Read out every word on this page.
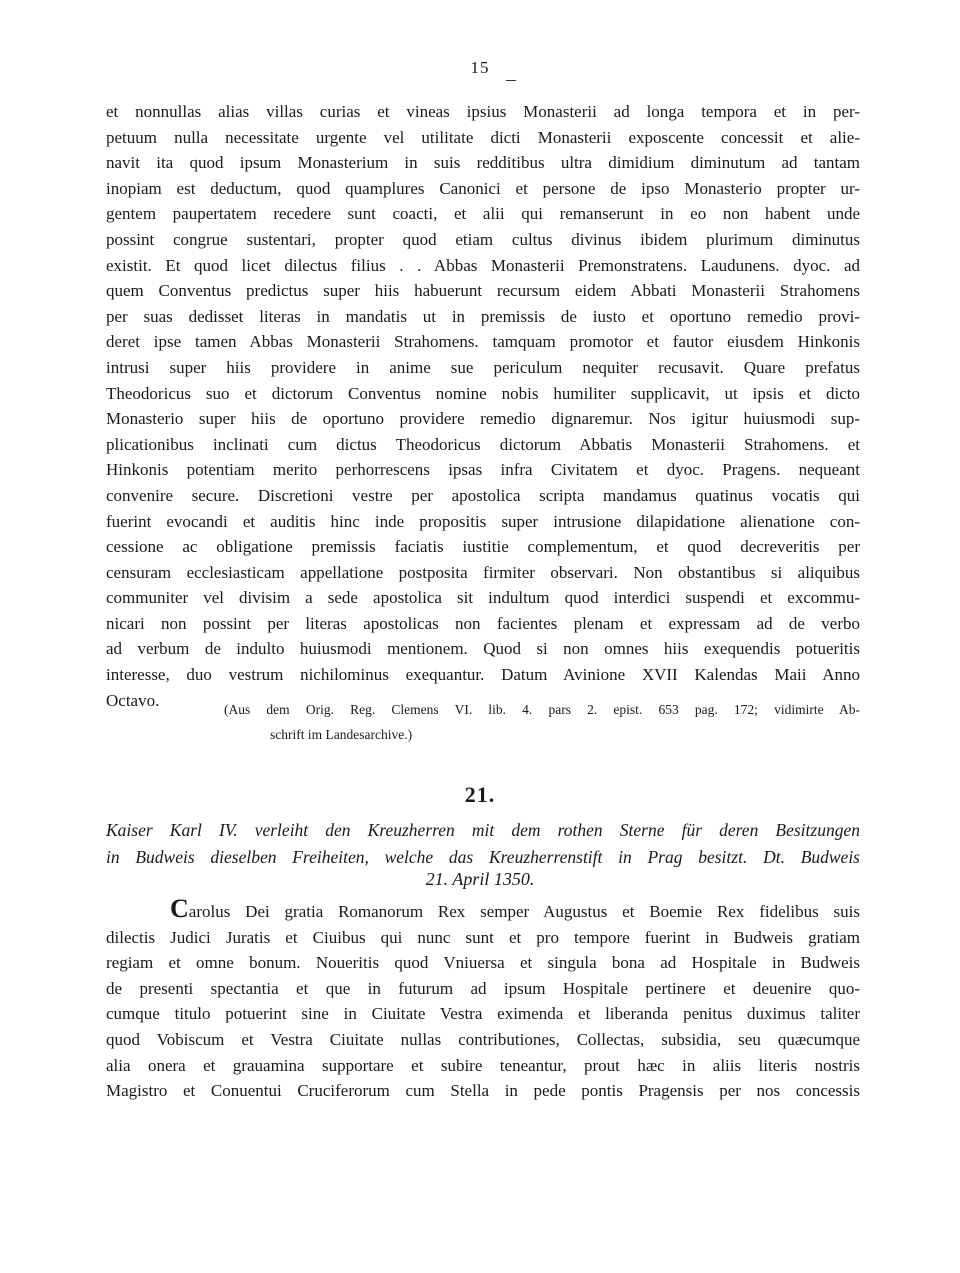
15
et nonnullas alias villas curias et vineas ipsius Monasterii ad longa tempora et in per-
petuum nulla necessitate urgente vel utilitate dicti Monasterii exposcente concessit et alie-
navit ita quod ipsum Monasterium in suis redditibus ultra dimidium diminutum ad tantam
inopiam est deductum, quod quamplures Canonici et persone de ipso Monasterio propter ur-
gentem paupertatem recedere sunt coacti, et alii qui remanserunt in eo non habent unde
possint congrue sustentari, propter quod etiam cultus divinus ibidem plurimum diminutus
existit. Et quod licet dilectus filius . . Abbas Monasterii Premonstratens. Laudunens. dyoc. ad
quem Conventus predictus super hiis habuerunt recursum eidem Abbati Monasterii Strahomens
per suas dedisset literas in mandatis ut in premissis de iusto et oportuno remedio provi-
deret ipse tamen Abbas Monasterii Strahomens. tamquam promotor et fautor eiusdem Hinkonis
intrusi super hiis providere in anime sue periculum nequiter recusavit. Quare prefatus
Theodoricus suo et dictorum Conventus nomine nobis humiliter supplicavit, ut ipsis et dicto
Monasterio super hiis de oportuno providere remedio dignaremur. Nos igitur huiusmodi sup-
plicationibus inclinati cum dictus Theodoricus dictorum Abbatis Monasterii Strahomens. et
Hinkonis potentiam merito perhorrescens ipsas infra Civitatem et dyoc. Pragens. nequeant
convenire secure. Discretioni vestre per apostolica scripta mandamus quatinus vocatis qui
fuerint evocandi et auditis hinc inde propositis super intrusione dilapidatione alienatione con-
cessione ac obligatione premissis faciatis iustitie complementum, et quod decreveritis per
censuram ecclesiasticam appellatione postposita firmiter observari. Non obstantibus si aliquibus
communiter vel divisim a sede apostolica sit indultum quod interdici suspendi et excommu-
nicari non possint per literas apostolicas non facientes plenam et expressam ad de verbo
ad verbum de indulto huiusmodi mentionem. Quod si non omnes hiis exequendis potueritis
interesse, duo vestrum nichilominus exequantur. Datum Avinione XVII Kalendas Maii Anno
Octavo.	(Aus dem Orig. Reg. Clemens VI. lib. 4. pars 2. epist. 653 pag. 172; vidimirte Ab-
schrift im Landesarchive.)
21.
Kaiser Karl IV. verleiht den Kreuzherren mit dem rothen Sterne für deren Besitzungen
in Budweis dieselben Freiheiten, welche das Kreuzherrenstift in Prag besitzt. Dt. Budweis
21. April 1350.
Carolus Dei gratia Romanorum Rex semper Augustus et Boemie Rex fidelibus suis
dilectis Judici Juratis et Ciuibus qui nunc sunt et pro tempore fuerint in Budweis gratiam
regiam et omne bonum. Noueritis quod Vniuersa et singula bona ad Hospitale in Budweis
de presenti spectantia et que in futurum ad ipsum Hospitale pertinere et deuenire quo-
cumque titulo potuerint sine in Ciuitate Vestra eximenda et liberanda penitus duximus taliter
quod Vobiscum et Vestra Ciuitate nullas contributiones, Collectas, subsidia, seu quæcumque
alia onera et grauamina supportare et subire teneantur, prout hæc in aliis literis nostris
Magistro et Conuentui Cruciferorum cum Stella in pede pontis Pragensis per nos concessis
